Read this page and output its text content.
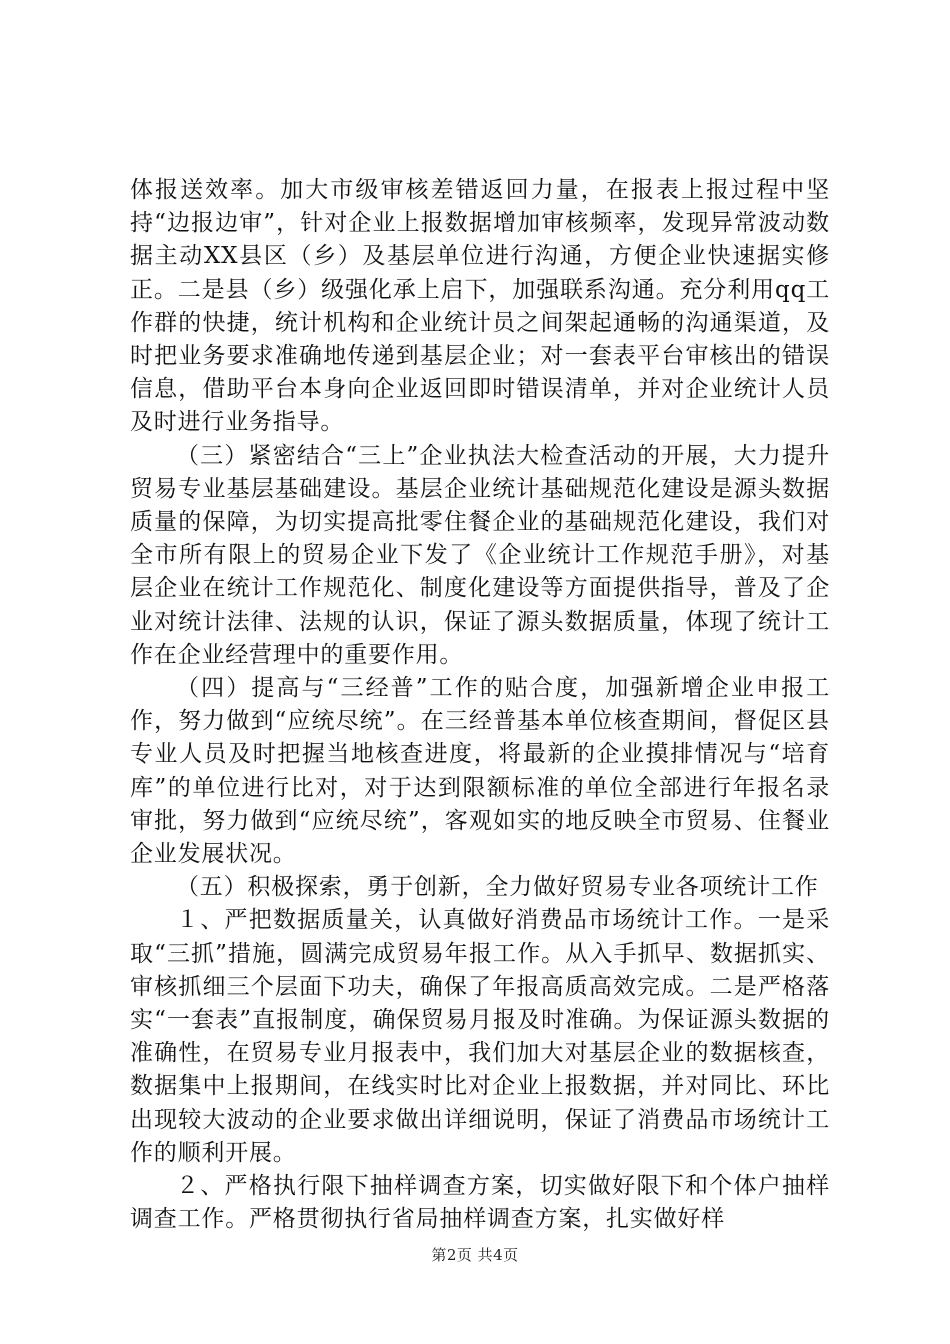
体报送效率。加大市级审核差错返回力量，在报表上报过程中坚持“边报边审”，针对企业上报数据增加审核频率，发现异常波动数据主动XX县区（乡）及基层单位进行沟通，方便企业快速据实修正。二是县（乡）级强化承上启下，加强联系沟通。充分利用qq工作群的快捷，统计机构和企业统计员之间架起通畅的沟通渠道，及时把业务要求准确地传递到基层企业；对一套表平台审核出的错误信息，借助平台本身向企业返回即时错误清单，并对企业统计人员及时进行业务指导。

（三）紧密结合“三上”企业执法大检查活动的开展，大力提升贸易专业基层基础建设。基层企业统计基础规范化建设是源头数据质量的保障，为切实提高批零住餐企业的基础规范化建设，我们对全市所有限上的贸易企业下发了《企业统计工作规范手册》，对基层企业在统计工作规范化、制度化建设等方面提供指导，普及了企业对统计法律、法规的认识，保证了源头数据质量，体现了统计工作在企业经营理中的重要作用。

（四）提高与“三经普”工作的贴合度，加强新增企业申报工作，努力做到“应统尽统”。在三经普基本单位核查期间，督促区县专业人员及时把握当地核查进度，将最新的企业摸排情况与“培育库”的单位进行比对，对于达到限额标准的单位全部进行年报名录审批，努力做到“应统尽统”，客观如实的地反映全市贸易、住餐业企业发展状况。

（五）积极探索，勇于创新，全力做好贸易专业各项统计工作

１、严把数据质量关，认真做好消费品市场统计工作。一是采取“三抓”措施，圆满完成贸易年报工作。从入手抓早、数据抓实、审核抓细三个层面下功夫，确保了年报高质高效完成。二是严格落实“一套表”直报制度，确保贸易月报及时准确。为保证源头数据的准确性，在贸易专业月报表中，我们加大对基层企业的数据核查，数据集中上报期间，在线实时比对企业上报数据，并对同比、环比出现较大波动的企业要求做出详细说明，保证了消费品市场统计工作的顺利开展。

２、严格执行限下抽样调查方案，切实做好限下和个体户抽样调查工作。严格贯彻执行省局抽样调查方案，扎实做好样

第2页 共4页
